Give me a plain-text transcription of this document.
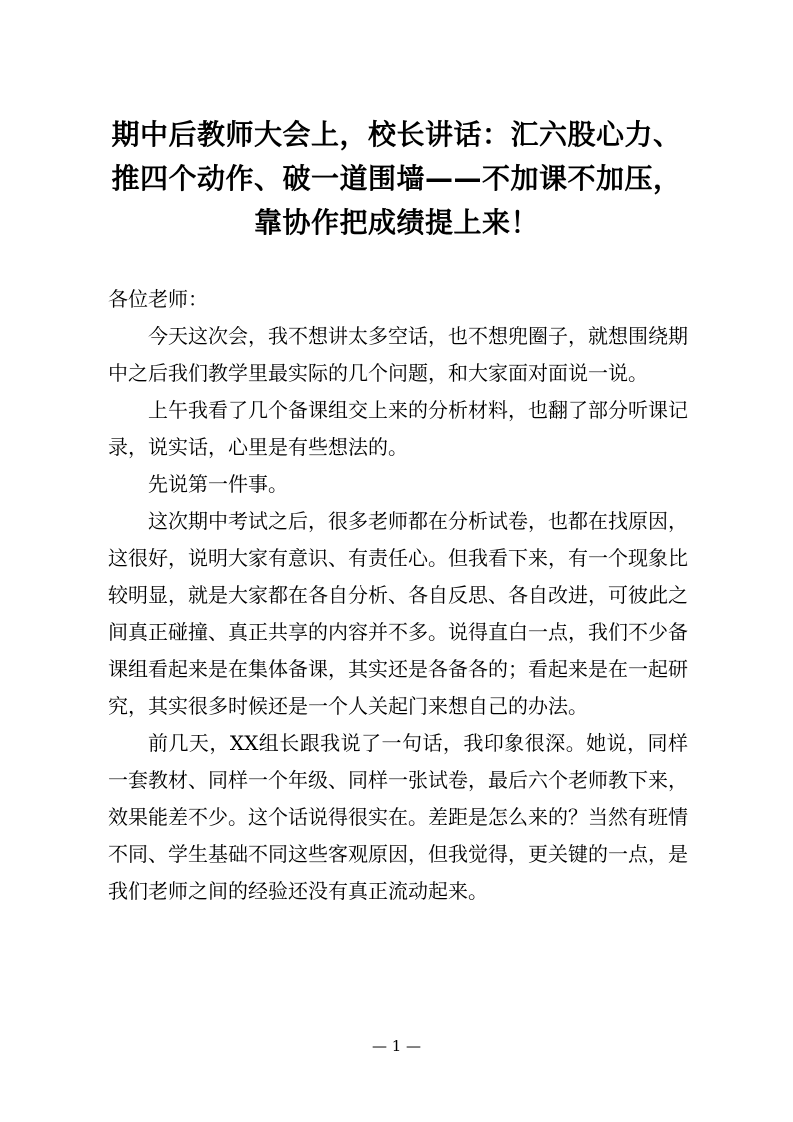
期中后教师大会上，校长讲话：汇六股心力、推四个动作、破一道围墙——不加课不加压，靠协作把成绩提上来！

各位老师：

今天这次会，我不想讲太多空话，也不想兜圈子，就想围绕期中之后我们教学里最实际的几个问题，和大家面对面说一说。

上午我看了几个备课组交上来的分析材料，也翻了部分听课记录，说实话，心里是有些想法的。

先说第一件事。

这次期中考试之后，很多老师都在分析试卷，也都在找原因，这很好，说明大家有意识、有责任心。但我看下来，有一个现象比较明显，就是大家都在各自分析、各自反思、各自改进，可彼此之间真正碰撞、真正共享的内容并不多。说得直白一点，我们不少备课组看起来是在集体备课，其实还是各备各的；看起来是在一起研究，其实很多时候还是一个人关起门来想自己的办法。

前几天，XX组长跟我说了一句话，我印象很深。她说，同样一套教材、同样一个年级、同样一张试卷，最后六个老师教下来，效果能差不少。这个话说得很实在。差距是怎么来的？当然有班情不同、学生基础不同这些客观原因，但我觉得，更关键的一点，是我们老师之间的经验还没有真正流动起来。

— 1 —
